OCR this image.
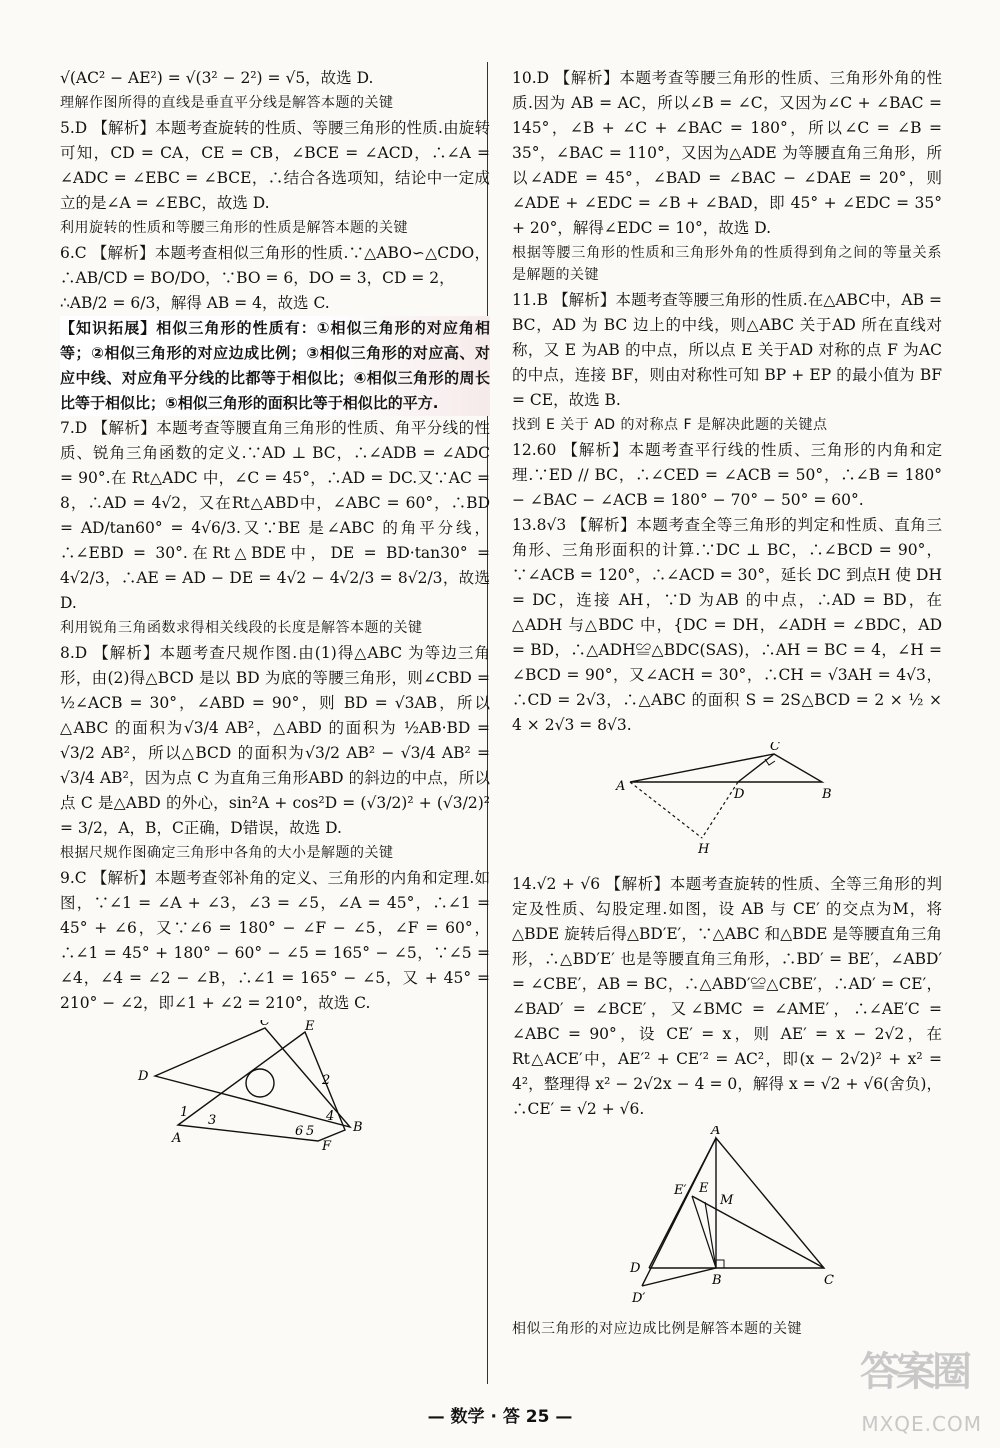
√(AC² − AE²) = √(3² − 2²) = √5，故选 D.

理解作图所得的直线是垂直平分线是解答本题的关键

5.D 【解析】本题考查旋转的性质、等腰三角形的性质.由旋转可知，CD = CA，CE = CB，∠BCE = ∠ACD，∴∠A = ∠ADC = ∠EBC = ∠BCE，∴结合各选项知，结论中一定成立的是∠A = ∠EBC，故选 D.

利用旋转的性质和等腰三角形的性质是解答本题的关键

6.C 【解析】本题考查相似三角形的性质.∵△ABO∽△CDO，∴AB/CD = BO/DO，∵BO = 6，DO = 3，CD = 2，

∴AB/2 = 6/3，解得 AB = 4，故选 C.

【知识拓展】相似三角形的性质有：①相似三角形的对应角相等；②相似三角形的对应边成比例；③相似三角形的对应高、对应中线、对应角平分线的比都等于相似比；④相似三角形的周长比等于相似比；⑤相似三角形的面积比等于相似比的平方.

7.D 【解析】本题考查等腰直角三角形的性质、角平分线的性质、锐角三角函数的定义.∵AD ⊥ BC，∴∠ADB = ∠ADC = 90°.在 Rt△ADC 中，∠C = 45°，∴AD = DC.又∵AC = 8，∴AD = 4√2，又在Rt△ABD中，∠ABC = 60°，∴BD = AD/tan60° = 4√6/3.又∵BE 是∠ABC 的角平分线，∴∠EBD = 30°.在Rt△BDE中，DE = BD·tan30° = 4√2/3，∴AE = AD − DE = 4√2 − 4√2/3 = 8√2/3，故选 D.

利用锐角三角函数求得相关线段的长度是解答本题的关键

8.D 【解析】本题考查尺规作图.由(1)得△ABC 为等边三角形，由(2)得△BCD 是以 BD 为底的等腰三角形，则∠CBD = ½∠ACB = 30°，∠ABD = 90°，则 BD = √3AB，所以△ABC 的面积为√3/4 AB²，△ABD 的面积为 ½AB·BD = √3/2 AB²，所以△BCD 的面积为√3/2 AB² − √3/4 AB² = √3/4 AB²，因为点 C 为直角三角形ABD 的斜边的中点，所以点 C 是△ABD 的外心，sin²A + cos²D = (√3/2)² + (√3/2)² = 3/2，A，B，C正确，D错误，故选 D.

根据尺规作图确定三角形中各角的大小是解题的关键

9.C 【解析】本题考查邻补角的定义、三角形的内角和定理.如图，∵∠1 = ∠A + ∠3，∠3 = ∠5，∠A = 45°，∴∠1 = 45° + ∠6，又∵∠6 = 180° − ∠F − ∠5，∠F = 60°，∴∠1 = 45° + 180° − 60° − ∠5 = 165° − ∠5，∵∠5 = ∠4，∠4 = ∠2 − ∠B，∴∠1 = 165° − ∠5，又 + 45° = 210° − ∠2，即∠1 + ∠2 = 210°，故选 C.

C	E
D
A
B
F
1
2
3	4
5
6

10.D 【解析】本题考查等腰三角形的性质、三角形外角的性质.因为 AB = AC，所以∠B = ∠C，又因为∠C + ∠BAC = 145°，∠B + ∠C + ∠BAC = 180°，所以∠C = ∠B = 35°，∠BAC = 110°，又因为△ADE 为等腰直角三角形，所以∠ADE = 45°，∠BAD = ∠BAC − ∠DAE = 20°，则∠ADE + ∠EDC = ∠B + ∠BAD，即 45° + ∠EDC = 35° + 20°，解得∠EDC = 10°，故选 D.

根据等腰三角形的性质和三角形外角的性质得到角之间的等量关系是解题的关键

11.B 【解析】本题考查等腰三角形的性质.在△ABC中，AB = BC，AD 为 BC 边上的中线，则△ABC 关于AD 所在直线对称，又 E 为AB 的中点，所以点 E 关于AD 对称的点 F 为AC 的中点，连接 BF，则由对称性可知 BP + EP 的最小值为 BF = CE，故选 B.

找到 E 关于 AD 的对称点 F 是解决此题的关键点

12.60 【解析】本题考查平行线的性质、三角形的内角和定理.∵ED // BC，∴∠CED = ∠ACB = 50°，∴∠B = 180° − ∠BAC − ∠ACB = 180° − 70° − 50° = 60°.

13.8√3 【解析】本题考查全等三角形的判定和性质、直角三角形、三角形面积的计算.∵DC ⊥ BC，∴∠BCD = 90°，∵∠ACB = 120°，∴∠ACD = 30°，延长 DC 到点H 使 DH = DC，连接 AH，∵D 为AB 的中点，∴AD = BD，在△ADH 与△BDC 中，{DC = DH，∠ADH = ∠BDC，AD = BD，∴△ADH≌△BDC(SAS)，∴AH = BC = 4，∠H = ∠BCD = 90°，又∠ACH = 30°，∴CH = √3AH = 4√3，∴CD = 2√3，∴△ABC 的面积 S = 2S△BCD = 2 × ½ × 4 × 2√3 = 8√3.

C
A
D	B
H

14.√2 + √6 【解析】本题考查旋转的性质、全等三角形的判定及性质、勾股定理.如图，设 AB 与 CE′ 的交点为M，将△BDE 旋转后得△BD′E′，∵△ABC 和△BDE 是等腰直角三角形，∴△BD′E′ 也是等腰直角三角形，∴BD′ = BE′，∠ABD′ = ∠CBE′，AB = BC，∴△ABD′≌△CBE′，∴AD′ = CE′，∠BAD′ = ∠BCE′，又∠BMC = ∠AME′，∴∠AE′C = ∠ABC = 90°，设 CE′ = x，则 AE′ = x − 2√2，在 Rt△ACE′中，AE′² + CE′² = AC²，即(x − 2√2)² + x² = 4²，整理得 x² − 2√2x − 4 = 0，解得 x = √2 + √6(舍负)，∴CE′ = √2 + √6.

A
E′ E
M
D
B	C
D′

相似三角形的对应边成比例是解答本题的关键

— 数学 · 答 25 —
答案圈
MXQE.COM
